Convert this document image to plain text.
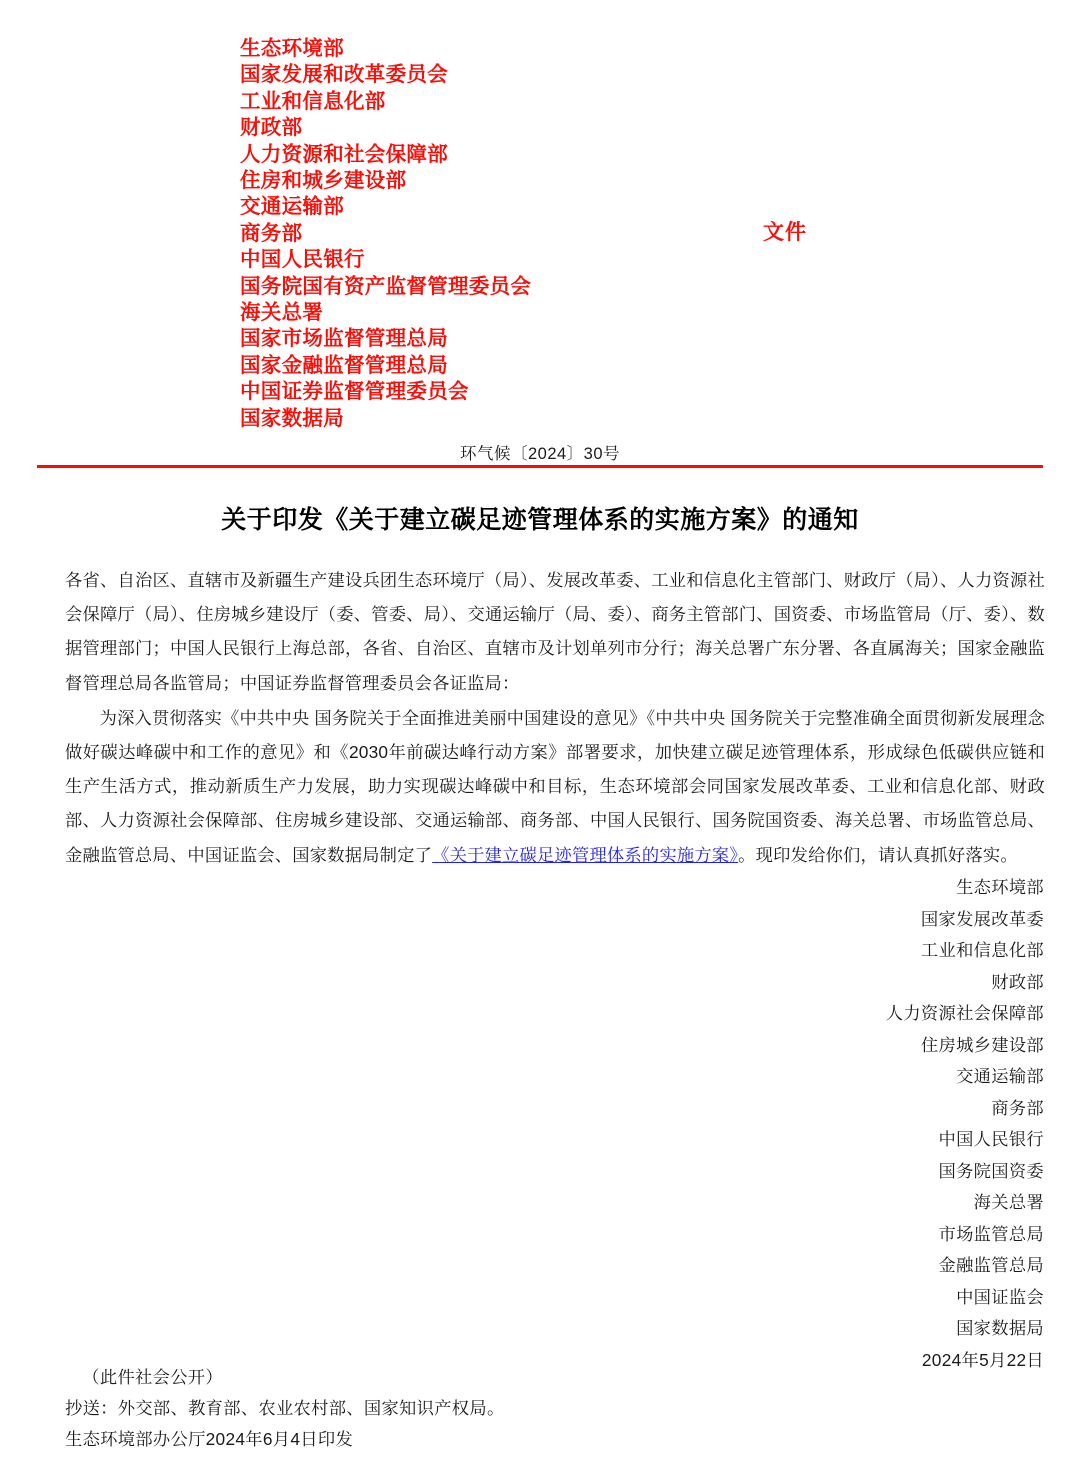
生态环境部
国家发展和改革委员会
工业和信息化部
财政部
人力资源和社会保障部
住房和城乡建设部
交通运输部
商务部
中国人民银行
国务院国有资产监督管理委员会
海关总署
国家市场监督管理总局
国家金融监督管理总局
中国证券监督管理委员会
国家数据局
文件
环气候〔2024〕30号
关于印发《关于建立碳足迹管理体系的实施方案》的通知

各省、自治区、直辖市及新疆生产建设兵团生态环境厅（局）、发展改革委、工业和信息化主管部门、财政厅（局）、人力资源社会保障厅（局）、住房城乡建设厅（委、管委、局）、交通运输厅（局、委）、商务主管部门、国资委、市场监管局（厅、委）、数据管理部门；中国人民银行上海总部，各省、自治区、直辖市及计划单列市分行；海关总署广东分署、各直属海关；国家金融监督管理总局各监管局；中国证券监督管理委员会各证监局：

为深入贯彻落实《中共中央 国务院关于全面推进美丽中国建设的意见》《中共中央 国务院关于完整准确全面贯彻新发展理念做好碳达峰碳中和工作的意见》和《2030年前碳达峰行动方案》部署要求，加快建立碳足迹管理体系，形成绿色低碳供应链和生产生活方式，推动新质生产力发展，助力实现碳达峰碳中和目标，生态环境部会同国家发展改革委、工业和信息化部、财政部、人力资源社会保障部、住房城乡建设部、交通运输部、商务部、中国人民银行、国务院国资委、海关总署、市场监管总局、金融监管总局、中国证监会、国家数据局制定了《关于建立碳足迹管理体系的实施方案》。现印发给你们，请认真抓好落实。

生态环境部
国家发展改革委
工业和信息化部
财政部
人力资源社会保障部
住房城乡建设部
交通运输部
商务部
中国人民银行
国务院国资委
海关总署
市场监管总局
金融监管总局
中国证监会
国家数据局
2024年5月22日
（此件社会公开）
抄送：外交部、教育部、农业农村部、国家知识产权局。
生态环境部办公厅2024年6月4日印发
